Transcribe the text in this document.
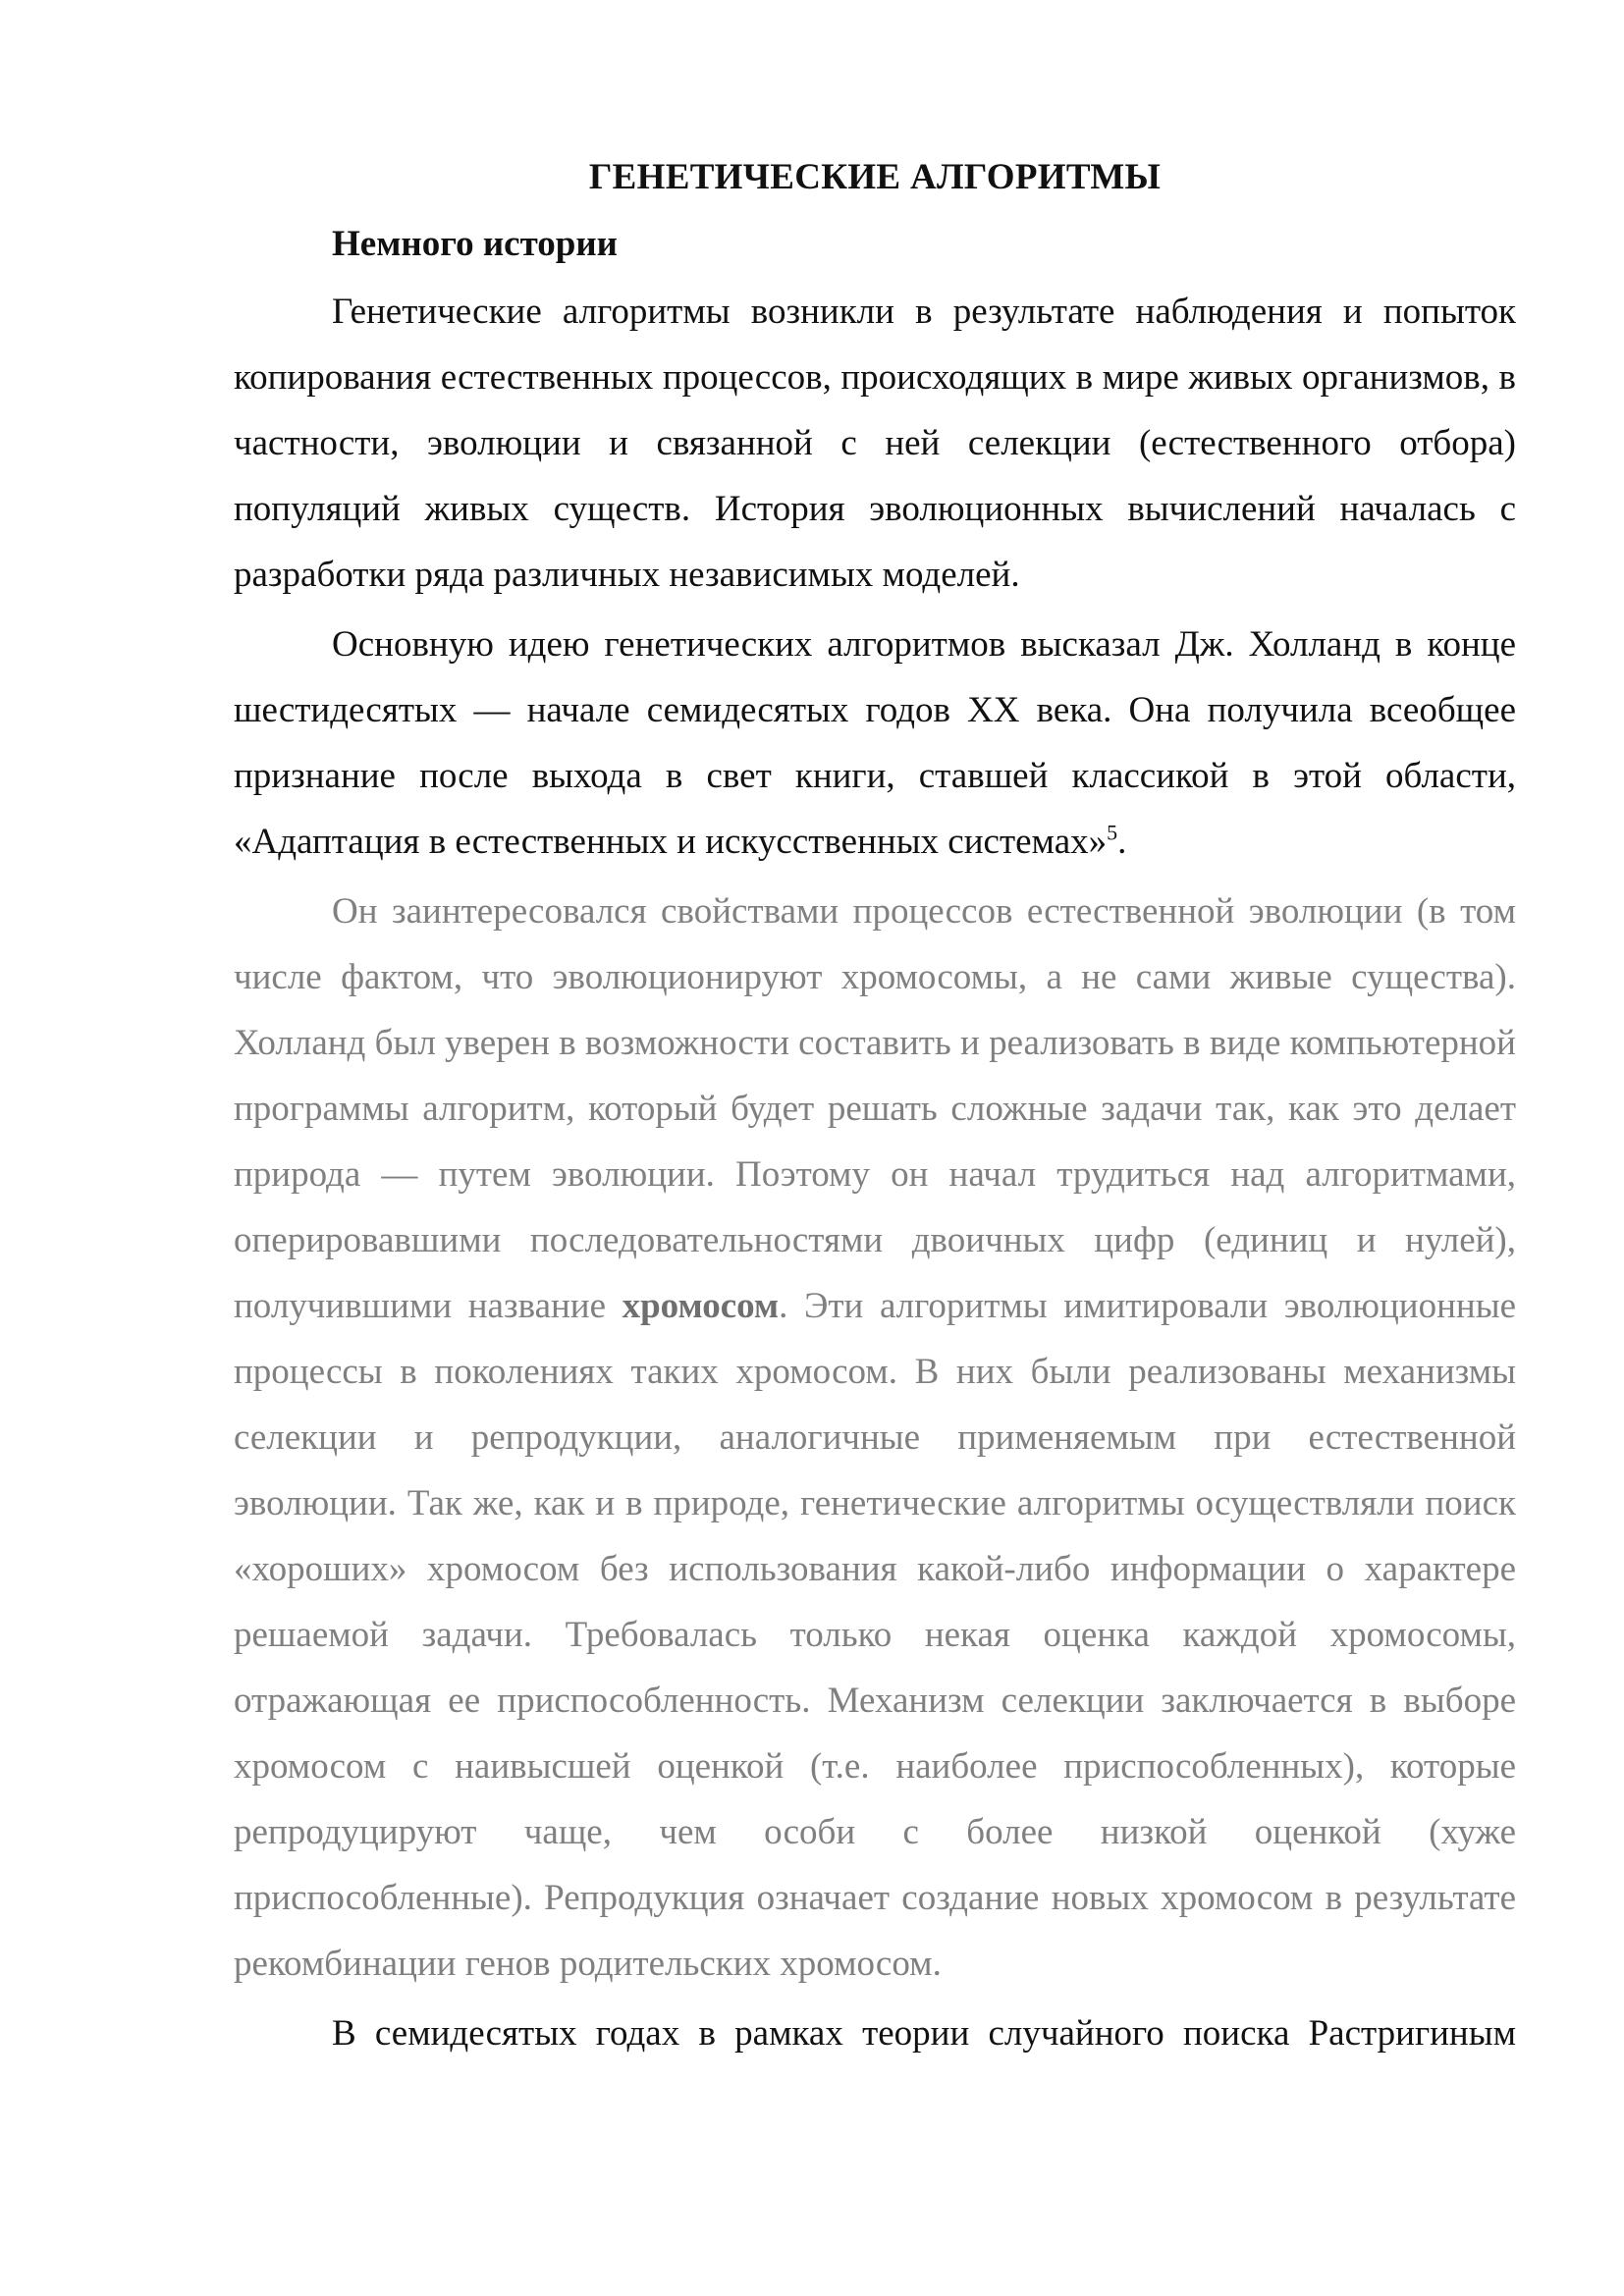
ГЕНЕТИЧЕСКИЕ АЛГОРИТМЫ
Немного истории

Генетические алгоритмы возникли в результате наблюдения и попыток копирования естественных процессов, происходящих в мире живых организмов, в частности, эволюции и связанной с ней селекции (естественного отбора) популяций живых существ. История эволюционных вычислений началась с разработки ряда различных независимых моделей.

Основную идею генетических алгоритмов высказал Дж. Холланд в конце шестидесятых — начале семидесятых годов XX века. Она получила всеобщее признание после выхода в свет книги, ставшей классикой в этой области, «Адаптация в естественных и искусственных системах»$^5$.

Он заинтересовался свойствами процессов естественной эволюции (в том числе фактом, что эволюционируют хромосомы, а не сами живые существа). Холланд был уверен в возможности составить и реализовать в виде компьютерной программы алгоритм, который будет решать сложные задачи так, как это делает природа — путем эволюции. Поэтому он начал трудиться над алгоритмами, оперировавшими последовательностями двоичных цифр (единиц и нулей), получившими название хромосом. Эти алгоритмы имитировали эволюционные процессы в поколениях таких хромосом. В них были реализованы механизмы селекции и репродукции, аналогичные применяемым при естественной эволюции. Так же, как и в природе, генетические алгоритмы осуществляли поиск «хороших» хромосом без использования какой-либо информации о характере решаемой задачи. Требовалась только некая оценка каждой хромосомы, отражающая ее приспособленность. Механизм селекции заключается в выборе хромосом с наивысшей оценкой (т.е. наиболее приспособленных), которые репродуцируют чаще, чем особи с более низкой оценкой (хуже приспособленные). Репродукция означает создание новых хромосом в результате рекомбинации генов родительских хромосом.

В семидесятых годах в рамках теории случайного поиска Растригиным
